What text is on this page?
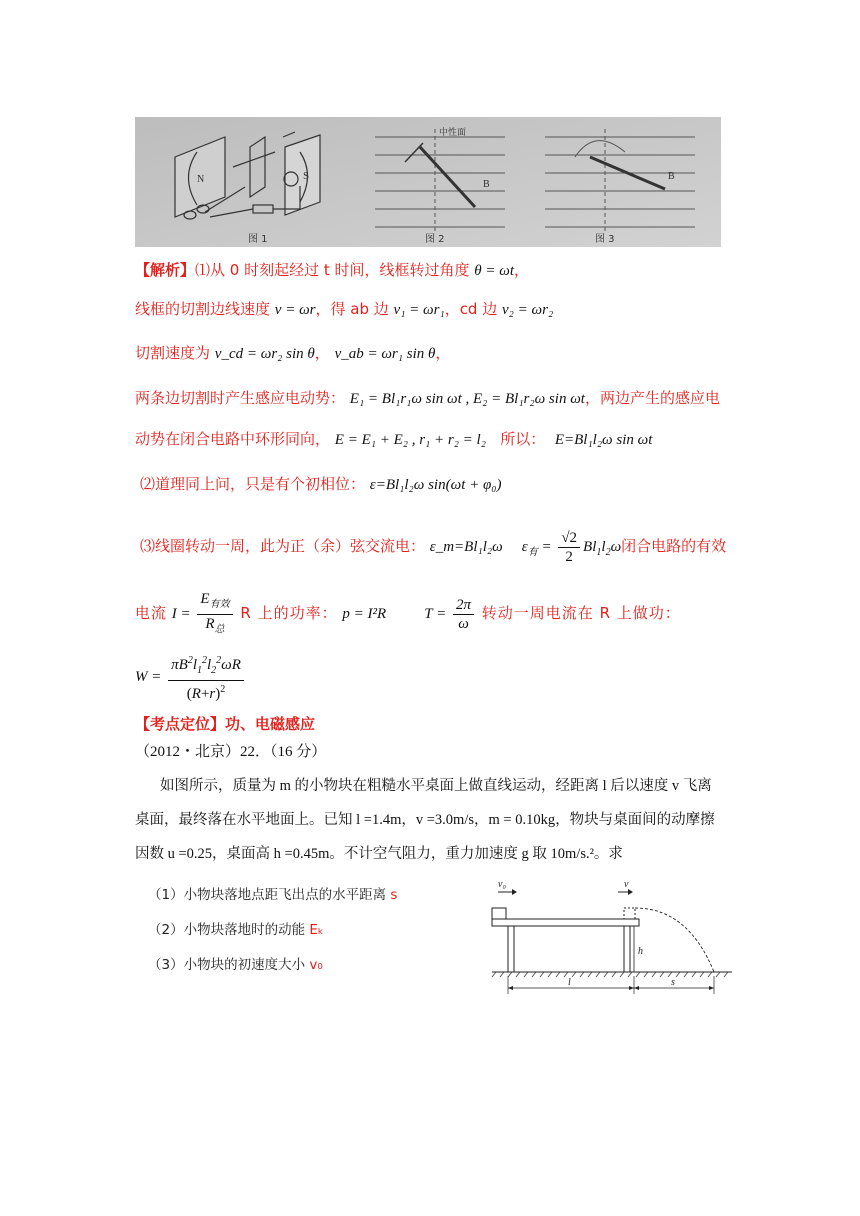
N	S
图 1
中性面
B
图 2
B
图 3
【解析】⑴从 0 时刻起经过 t 时间，线框转过角度 θ = ωt，
线框的切割边线速度 v = ωr，得 ab 边 v₁ = ωr₁，cd 边 v₂ = ωr₂
切割速度为 v_cd = ωr₂ sin θ， v_ab = ωr₁ sin θ，
两条边切割时产生感应电动势： E₁ = Bl₁r₁ω sin ωt , E₂ = Bl₁r₂ω sin ωt，两边产生的感应电
动势在闭合电路中环形同向， E = E₁ + E₂ , r₁ + r₂ = l₂ 所以： E=Bl₁l₂ω sin ωt
⑵道理同上问，只是有个初相位： ε=Bl₁l₂ω sin(ωt + φ₀)
⑶线圈转动一周，此为正（余）弦交流电： ε_m=Bl₁l₂ω $\varepsilon_有 = \frac{√2}{2} Bl_1l_2\omega$闭合电路的有效
电流 $I = \frac{E_{有效}}{R_总}$ R 上的功率： p = I²R	$T = \frac{2\pi}{\omega}$ 转动一周电流在 R 上做功：
$W = \frac{\pi B^2l_1^2l_2^2\omega R}{(R+r)^2}$
【考点定位】功、电磁感应
（2012・北京）22．（16 分）
如图所示，质量为 m 的小物块在粗糙水平桌面上做直线运动，经距离 l 后以速度 v 飞离
桌面，最终落在水平地面上。已知 l =1.4m，v =3.0m/s，m = 0.10kg，物块与桌面间的动摩擦
因数 u =0.25，桌面高 h =0.45m。不计空气阻力，重力加速度 g 取 10m/s.²。求
（1）小物块落地点距飞出点的水平距离 s
（2）小物块落地时的动能 Eₖ
（3）小物块的初速度大小 v₀
v₀	v
h
l	s
